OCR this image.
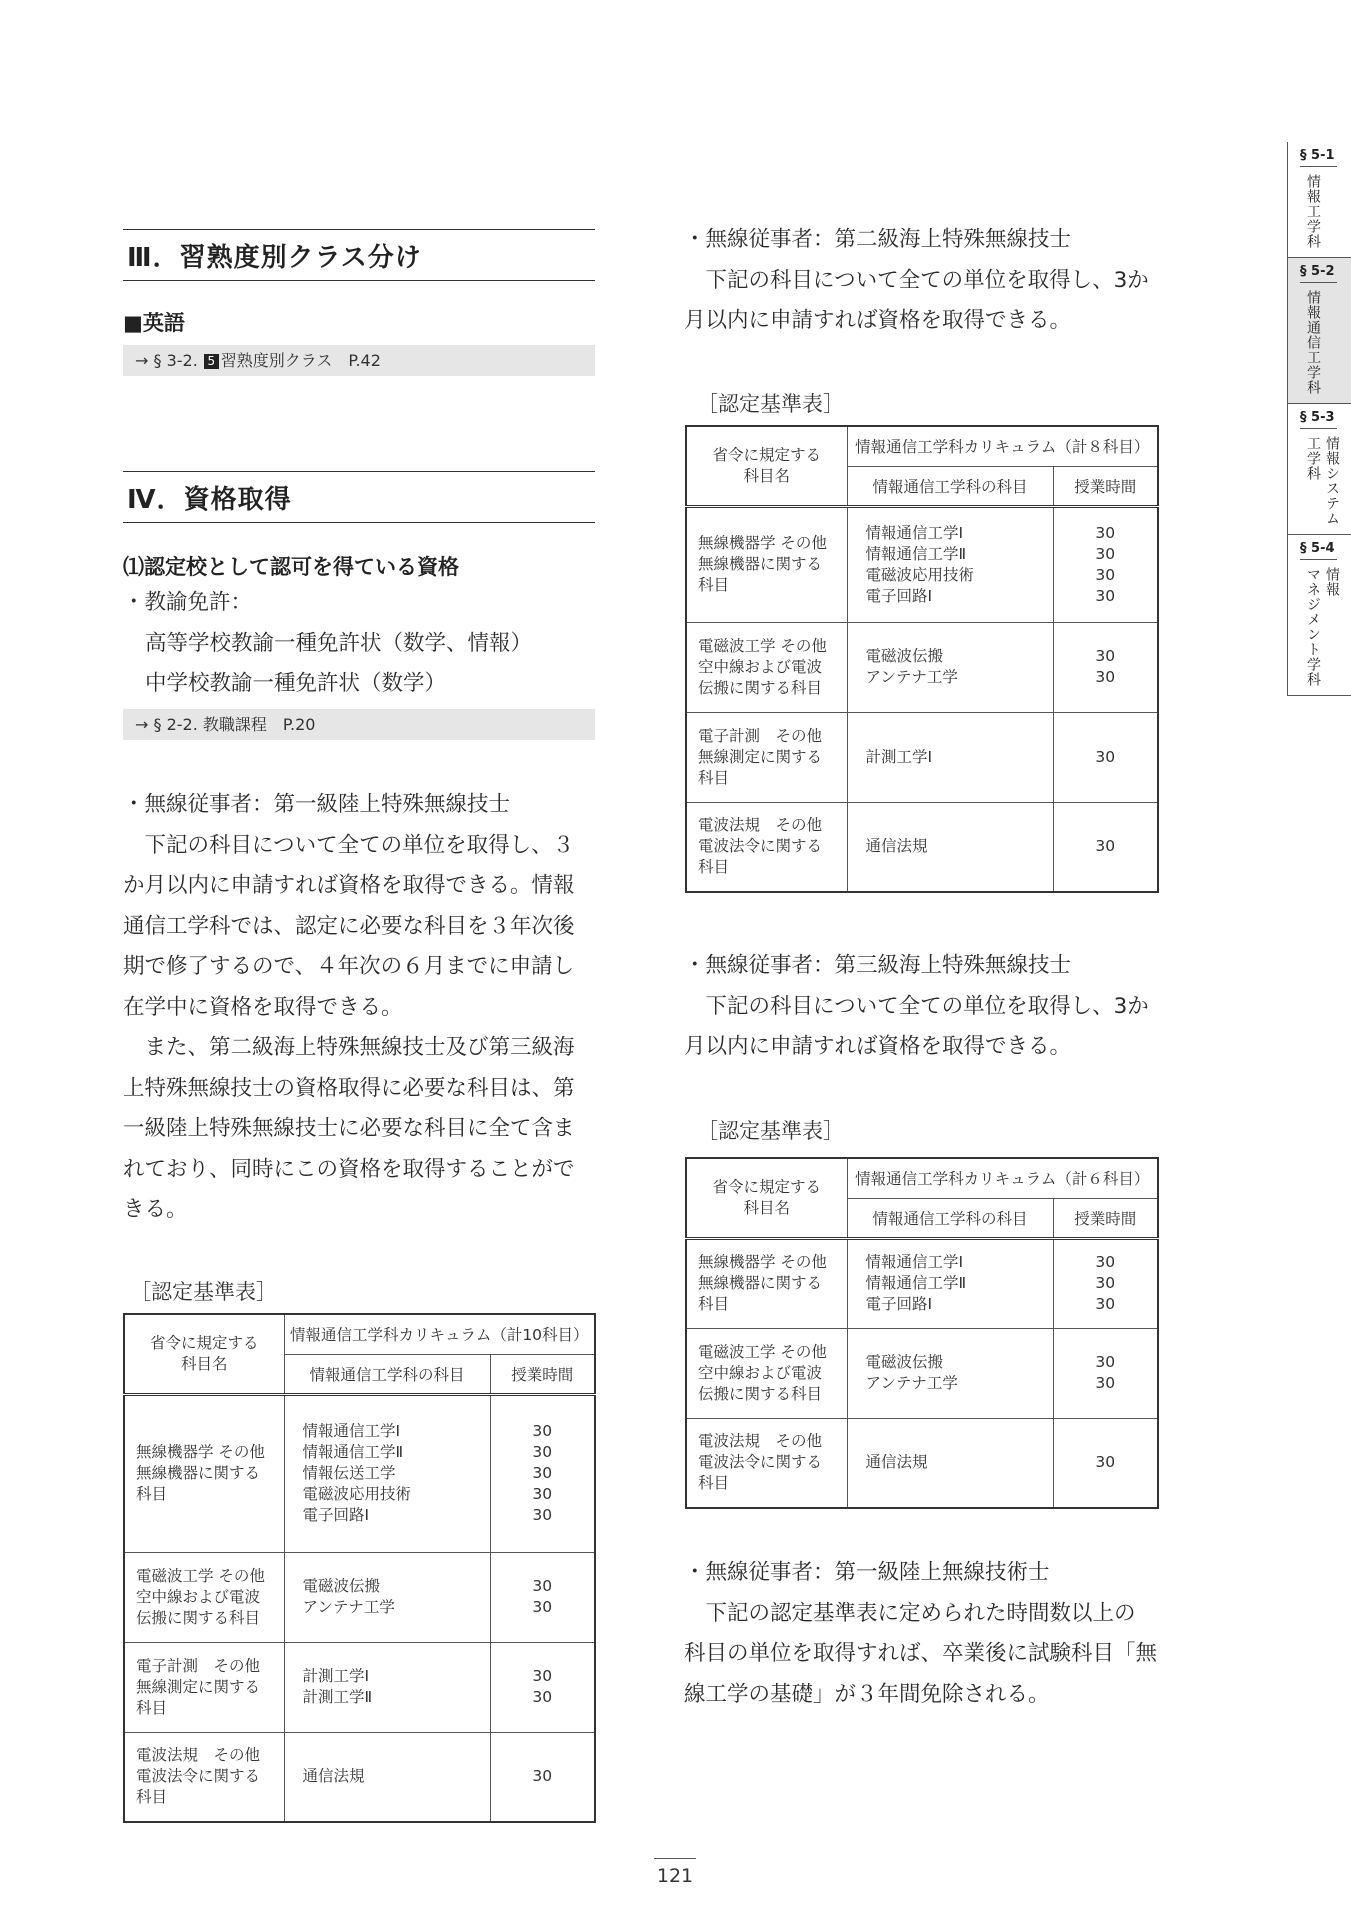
Ⅲ．習熟度別クラス分け
■英語
→ § 3-2. 5 習熟度別クラス　P.42
Ⅳ．資格取得
⑴認定校として認可を得ている資格

・教諭免許：

高等学校教諭一種免許状（数学、情報）

中学校教諭一種免許状（数学）

→ § 2-2. 教職課程　P.20

・無線従事者：第一級陸上特殊無線技士

　下記の科目について全ての単位を取得し、３

か月以内に申請すれば資格を取得できる。情報

通信工学科では、認定に必要な科目を３年次後

期で修了するので、４年次の６月までに申請し

在学中に資格を取得できる。

　また、第二級海上特殊無線技士及び第三級海

上特殊無線技士の資格取得に必要な科目は、第

一級陸上特殊無線技士に必要な科目に全て含ま

れており、同時にこの資格を取得することがで

きる。

［認定基準表］
省令に規定する
科目名	情報通信工学科カリキュラム（計10科目）	
	情報通信工学科の科目	授業時間

無線機器学 その他
無線機器に関する
科目	情報通信工学Ⅰ
情報通信工学Ⅱ
情報伝送工学
電磁波応用技術
電子回路Ⅰ	30
30
30
30
30

電磁波工学 その他
空中線および電波
伝搬に関する科目	電磁波伝搬
アンテナ工学	30
30

電子計測　その他
無線測定に関する
科目	計測工学Ⅰ
計測工学Ⅱ	30
30

電波法規　その他
電波法令に関する
科目	通信法規	30

・無線従事者：第二級海上特殊無線技士

　下記の科目について全ての単位を取得し、3か

月以内に申請すれば資格を取得できる。

［認定基準表］
省令に規定する
科目名	情報通信工学科カリキュラム（計８科目）	
	情報通信工学科の科目	授業時間

無線機器学 その他
無線機器に関する
科目	情報通信工学Ⅰ
情報通信工学Ⅱ
電磁波応用技術
電子回路Ⅰ	30
30
30
30

電磁波工学 その他
空中線および電波
伝搬に関する科目	電磁波伝搬
アンテナ工学	30
30

電子計測　その他
無線測定に関する
科目	計測工学Ⅰ	30

電波法規　その他
電波法令に関する
科目	通信法規	30

・無線従事者：第三級海上特殊無線技士

　下記の科目について全ての単位を取得し、3か

月以内に申請すれば資格を取得できる。

［認定基準表］
省令に規定する
科目名	情報通信工学科カリキュラム（計６科目）	
	情報通信工学科の科目	授業時間

無線機器学 その他
無線機器に関する
科目	情報通信工学Ⅰ
情報通信工学Ⅱ
電子回路Ⅰ	30
30
30

電磁波工学 その他
空中線および電波
伝搬に関する科目	電磁波伝搬
アンテナ工学	30
30

電波法規　その他
電波法令に関する
科目	通信法規	30

・無線従事者：第一級陸上無線技術士

　下記の認定基準表に定められた時間数以上の

科目の単位を取得すれば、卒業後に試験科目「無

線工学の基礎」が３年間免除される。

§ 5-1
情報工学科
§ 5-2
情報通信工学科
§ 5-3
情報システム
工学科
§ 5-4
情報
マネジメント学科
121
